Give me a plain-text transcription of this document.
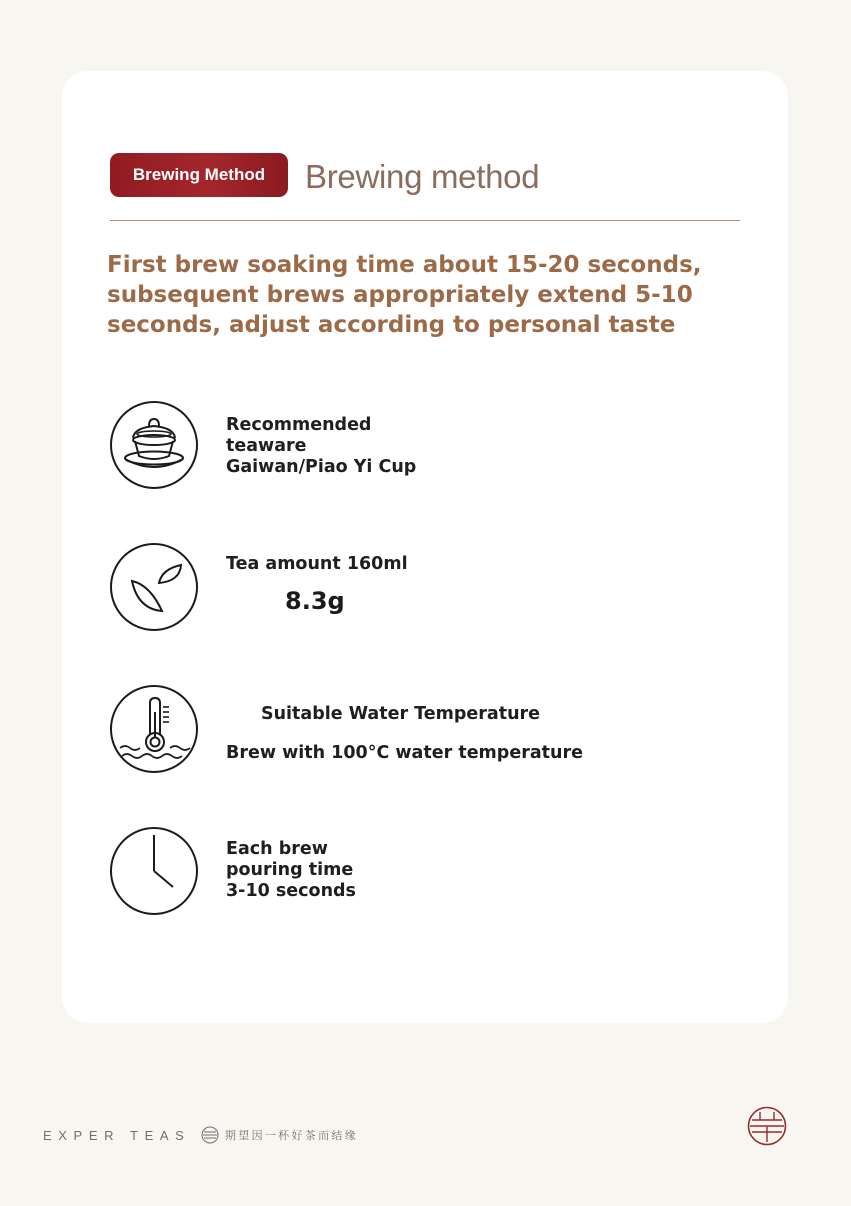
Brewing Method	Brewing method
First brew soaking time about 15-20 seconds,
subsequent brews appropriately extend 5-10
seconds, adjust according to personal taste
Recommended
teaware
Gaiwan/Piao Yi Cup
Tea amount 160ml
8.3g
Suitable Water Temperature
Brew with 100°C water temperature
Each brew
pouring time
3-10 seconds
EXPER TEAS	期望因一杯好茶而结缘
